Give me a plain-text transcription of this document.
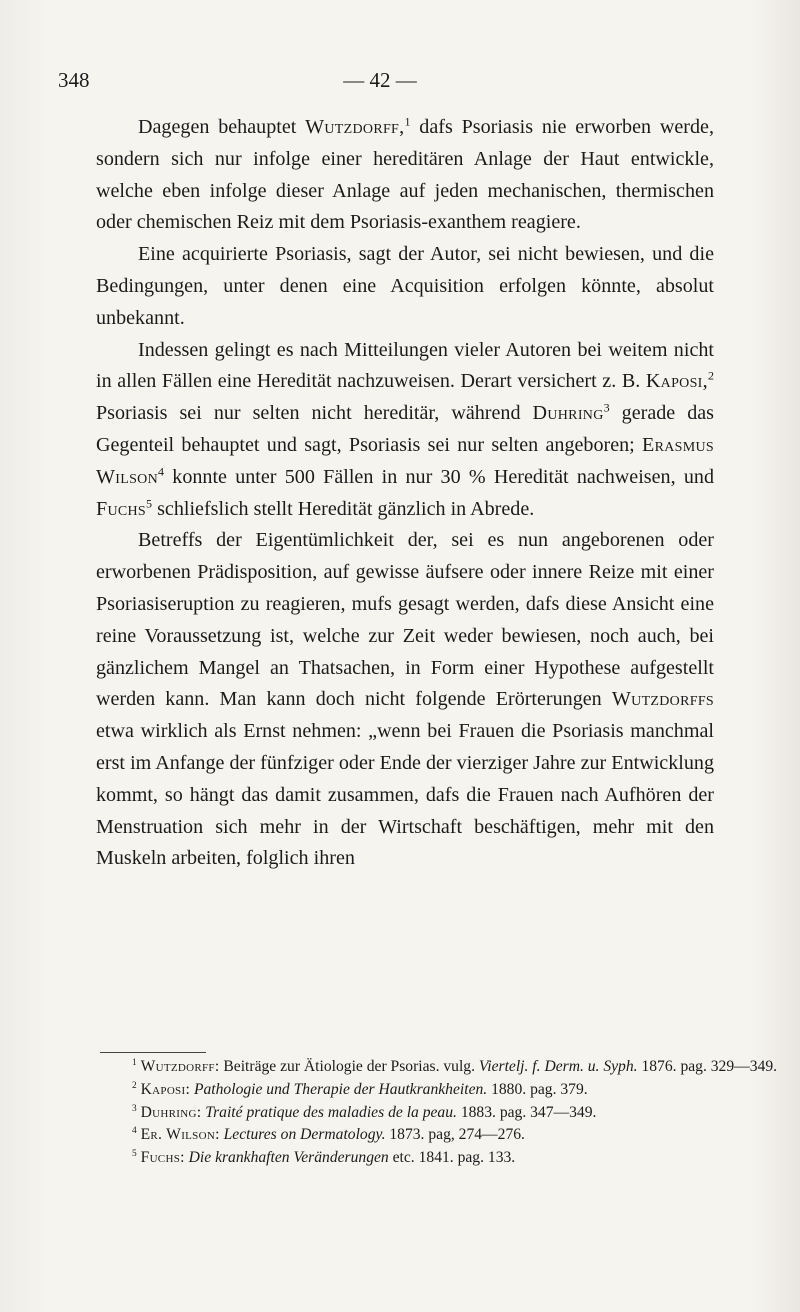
348	— 42 —

Dagegen behauptet Wutzdorff,$^1$ dafs Psoriasis nie erworben werde, sondern sich nur infolge einer hereditären Anlage der Haut entwickle, welche eben infolge dieser Anlage auf jeden mechanischen, thermischen oder chemischen Reiz mit dem Psoriasis-exanthem reagiere.

Eine acquirierte Psoriasis, sagt der Autor, sei nicht bewiesen, und die Bedingungen, unter denen eine Acquisition erfolgen könnte, absolut unbekannt.

Indessen gelingt es nach Mitteilungen vieler Autoren bei weitem nicht in allen Fällen eine Heredität nachzuweisen. Derart versichert z. B. Kaposi,$^2$ Psoriasis sei nur selten nicht hereditär, während Duhring$^3$ gerade das Gegenteil behauptet und sagt, Psoriasis sei nur selten angeboren; Erasmus Wilson$^4$ konnte unter 500 Fällen in nur 30 % Heredität nachweisen, und Fuchs$^5$ schliefslich stellt Heredität gänzlich in Abrede.

Betreffs der Eigentümlichkeit der, sei es nun angeborenen oder erworbenen Prädisposition, auf gewisse äufsere oder innere Reize mit einer Psoriasiseruption zu reagieren, mufs gesagt werden, dafs diese Ansicht eine reine Voraussetzung ist, welche zur Zeit weder bewiesen, noch auch, bei gänzlichem Mangel an Thatsachen, in Form einer Hypothese aufgestellt werden kann. Man kann doch nicht folgende Erörterungen Wutzdorffs etwa wirklich als Ernst nehmen: „wenn bei Frauen die Psoriasis manchmal erst im Anfange der fünfziger oder Ende der vierziger Jahre zur Entwicklung kommt, so hängt das damit zusammen, dafs die Frauen nach Aufhören der Menstruation sich mehr in der Wirtschaft beschäftigen, mehr mit den Muskeln arbeiten, folglich ihren

$^1$ Wutzdorff: Beiträge zur Ätiologie der Psorias. vulg. Viertelj. f. Derm. u. Syph. 1876. pag. 329—349.

$^2$ Kaposi: Pathologie und Therapie der Hautkrankheiten. 1880. pag. 379.

$^3$ Duhring: Traité pratique des maladies de la peau. 1883. pag. 347—349.

$^4$ Er. Wilson: Lectures on Dermatology. 1873. pag, 274—276.

$^5$ Fuchs: Die krankhaften Veränderungen etc. 1841. pag. 133.
